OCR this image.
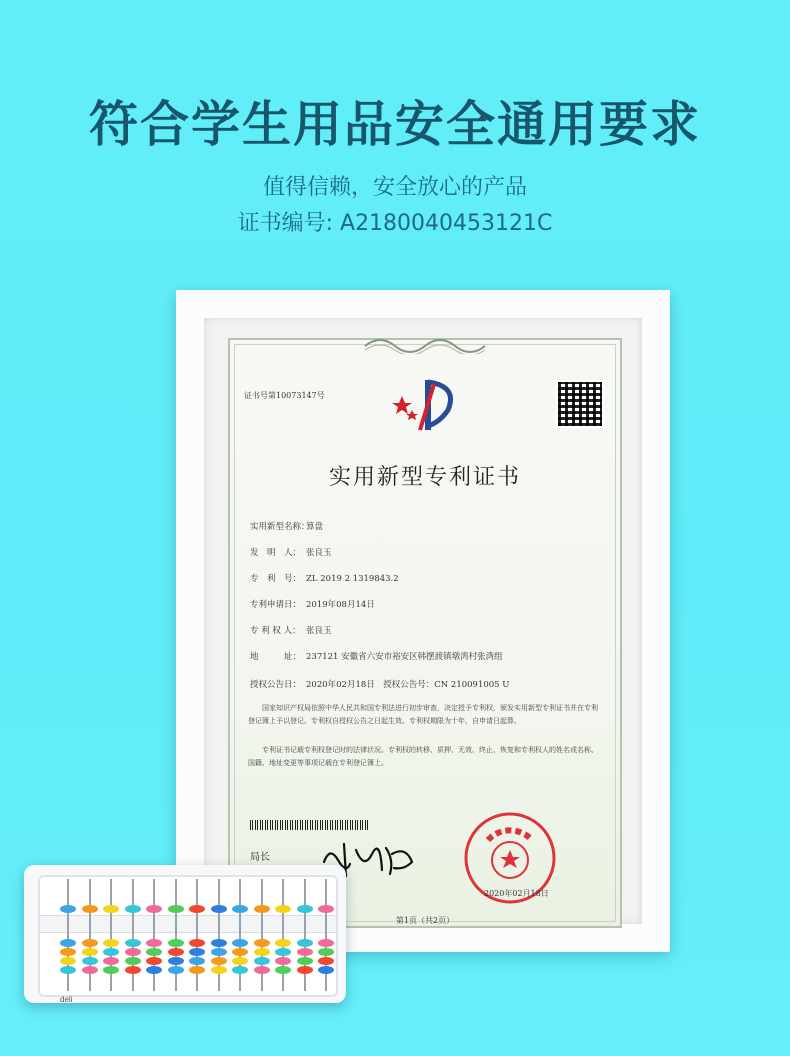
符合学生用品安全通用要求
值得信赖，安全放心的产品
证书编号: A2180040453121C
证书号第10073147号
实用新型专利证书
实用新型名称：算盘
发　明　人： 张良玉
专　利　号： ZL 2019 2 1319843.2
专利申请日： 2019年08月14日
专 利 权 人： 张良玉
地　　　址： 237121 安徽省六安市裕安区韩摆渡镇墩湾村张湾组
授权公告日： 2020年02月18日　授权公告号：CN 210091005 U
国家知识产权局依照中华人民共和国专利法进行初步审查，决定授予专利权，颁发实用新型专利证书并在专利登记簿上予以登记。专利权自授权公告之日起生效。专利权期限为十年，自申请日起算。
专利证书记载专利权登记时的法律状况。专利权的转移、质押、无效、终止、恢复和专利权人的姓名或名称、国籍、地址变更等事项记载在专利登记簿上。
局长
2020年02月18日
第1页（共2页）
deli
